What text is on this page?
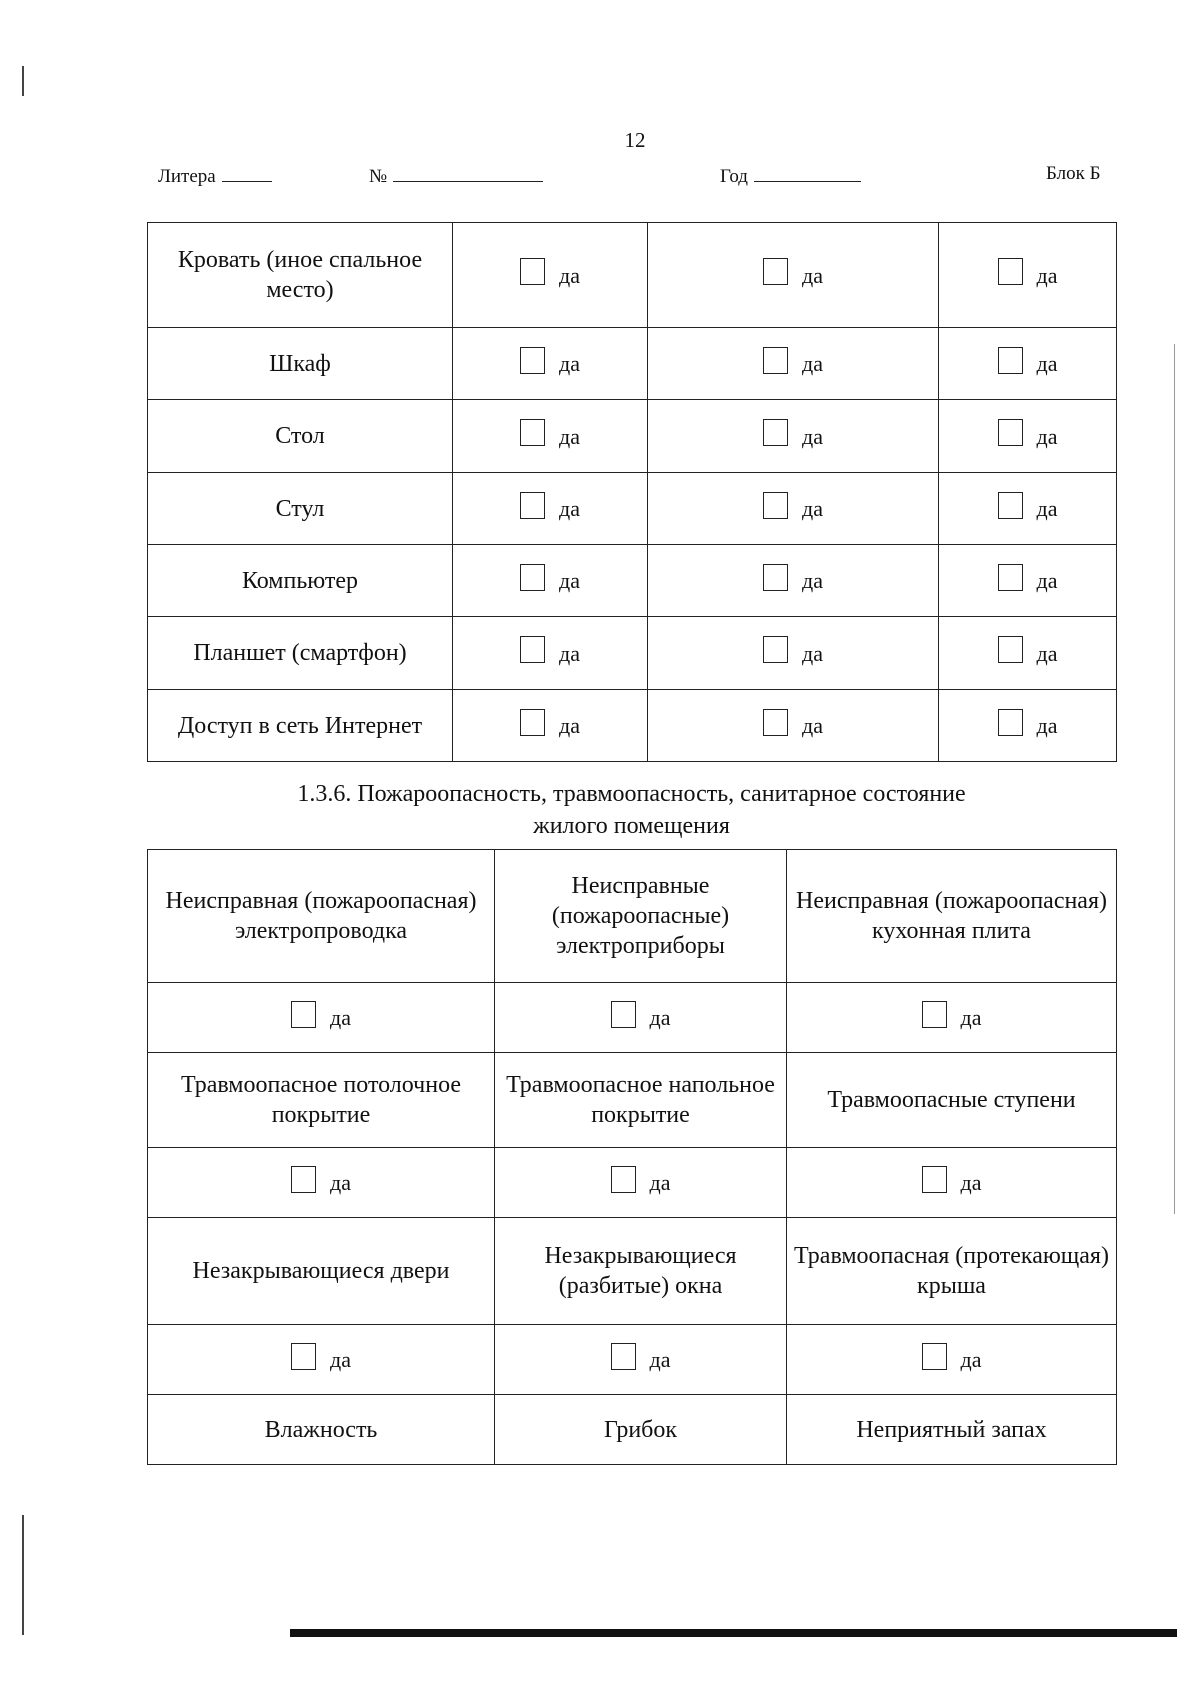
12
Литера	№	Год	Блок Б
Кровать (иное спальное место)	да	да	да

Шкаф	да	да	да

Стол	да	да	да

Стул	да	да	да

Компьютер	да	да	да

Планшет (смартфон)	да	да	да

Доступ в сеть Интернет	да	да	да
1.3.6. Пожароопасность, травмоопасность, санитарное состояние
жилого помещения
Неисправная (пожароопасная) электропроводка	Неисправные (пожароопасные) электроприборы	Неисправная (пожароопасная) кухонная плита

да	да	да

Травмоопасное потолочное покрытие	Травмоопасное напольное покрытие	Травмоопасные ступени

да	да	да

Незакрывающиеся двери	Незакрывающиеся (разбитые) окна	Травмоопасная (протекающая) крыша

да	да	да

Влажность	Грибок	Неприятный запах
